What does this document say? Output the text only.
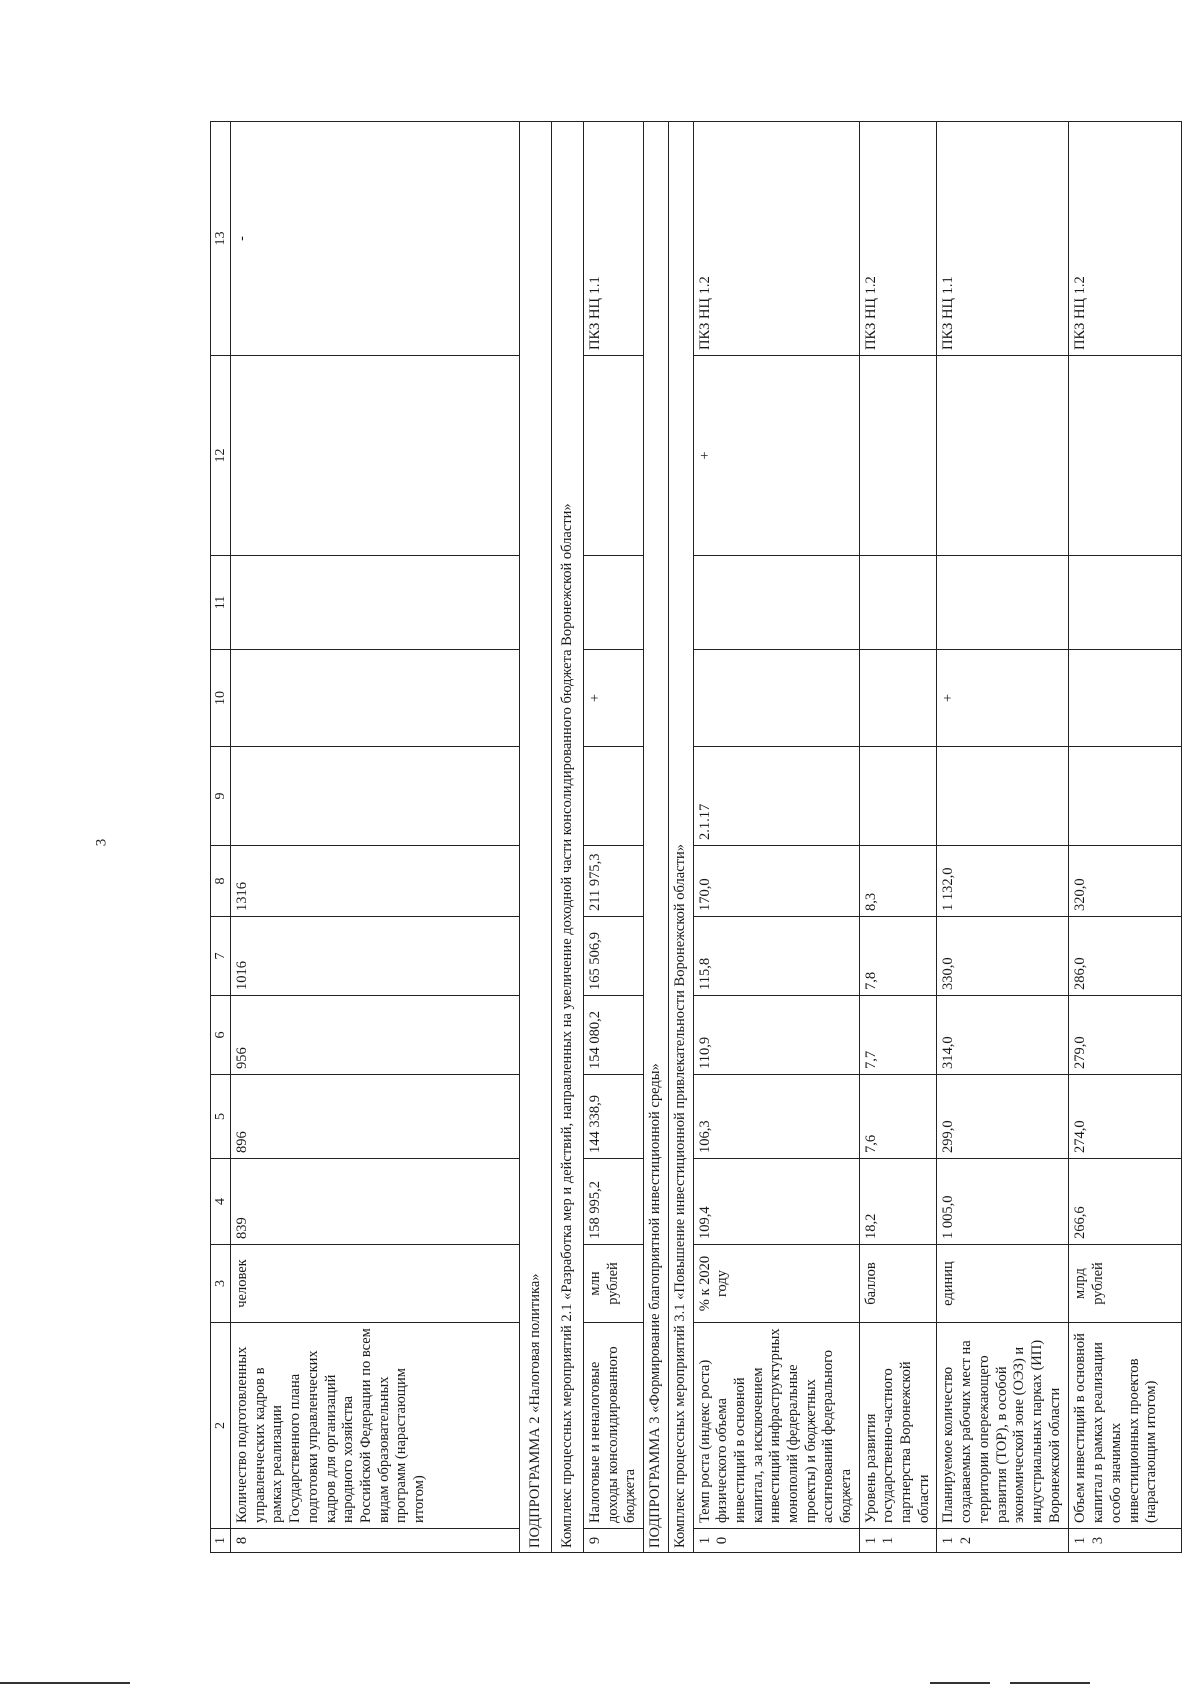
3
1	2	3	4	5	6	7	8	9	10	11	12	13
8	Количество подготовленных управленческих кадров в рамках реализации Государственного плана подготовки управленческих кадров для организаций народного хозяйства Российской Федерации по всем видам образовательных программ (нарастающим итогом)	человек	839	896	956	1016	1316					-
ПОДПРОГРАММА 2 «Налоговая политика»												
Комплекс процессных мероприятий 2.1 «Разработка мер и действий, направленных на увеличение доходной части консолидированного бюджета Воронежской области»												
9	Налоговые и неналоговые доходы консолидированного бюджета	млн рублей	158 995,2	144 338,9	154 080,2	165 506,9	211 975,3		+			ПКЗ НЦ 1.1
ПОДПРОГРАММА 3 «Формирование благоприятной инвестиционной среды»												
Комплекс процессных мероприятий 3.1 «Повышение инвестиционной привлекательности Воронежской области»												
10	Темп роста (индекс роста) физического объема инвестиций в основной капитал, за исключением инвестиций инфраструктурных монополий (федеральные проекты) и бюджетных ассигнований федерального бюджета	% к 2020 году	109,4	106,3	110,9	115,8	170,0	2.1.17			+	ПКЗ НЦ 1.2
11	Уровень развития государственно-частного партнерства Воронежской области	баллов	18,2	7,6	7,7	7,8	8,3					ПКЗ НЦ 1.2
12	Планируемое количество создаваемых рабочих мест на территории опережающего развития (ТОР), в особой экономической зоне (ОЭЗ) и индустриальных парках (ИП) Воронежской области	единиц	1 005,0	299,0	314,0	330,0	1 132,0		+			ПКЗ НЦ 1.1
13	Объем инвестиций в основной капитал в рамках реализации особо значимых инвестиционных проектов (нарастающим итогом)	млрд рублей	266,6	274,0	279,0	286,0	320,0					ПКЗ НЦ 1.2
